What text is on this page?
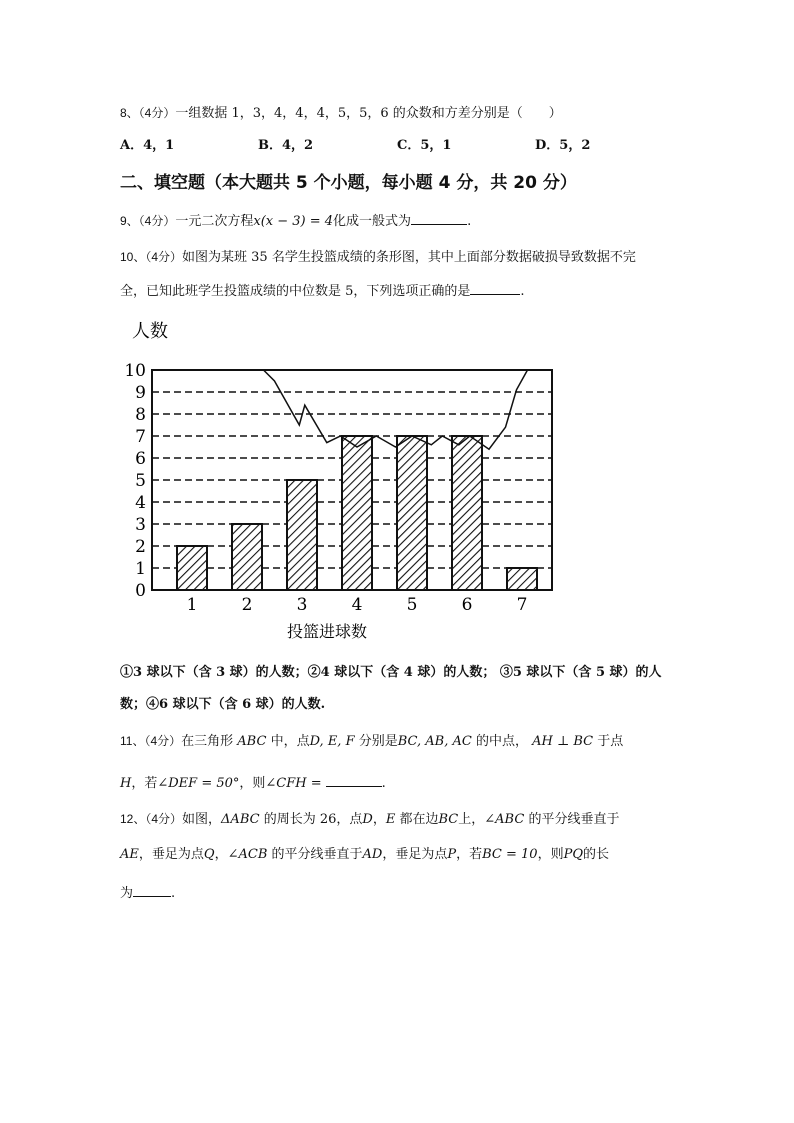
8、（4分）一组数据 1，3，4，4，4，5，5，6 的众数和方差分别是（　　）
A．4，1	B．4，2	C．5，1	D．5，2
二、填空题（本大题共 5 个小题，每小题 4 分，共 20 分）
9、（4分）一元二次方程x(x − 3) = 4化成一般式为	.
10、（4分）如图为某班 35 名学生投篮成绩的条形图，其中上面部分数据破损导致数据不完
全，已知此班学生投篮成绩的中位数是 5，下列选项正确的是	.
人数
0
1
2
3
4
5
6
7
8
9
10
1	2	3	4	5	6	7
投篮进球数
①3 球以下（含 3 球）的人数；②4 球以下（含 4 球）的人数； ③5 球以下（含 5 球）的人
数；④6 球以下（含 6 球）的人数.
11、（4分）在三角形 ABC 中，点D, E, F 分别是BC, AB, AC 的中点， AH ⊥ BC 于点
H，若∠DEF = 50°，则∠CFH =	.
12、（4分）如图，ΔABC 的周长为 26，点D，E 都在边BC上，∠ABC 的平分线垂直于
AE，垂足为点Q，∠ACB 的平分线垂直于AD，垂足为点P，若BC = 10，则PQ的长
为	.
